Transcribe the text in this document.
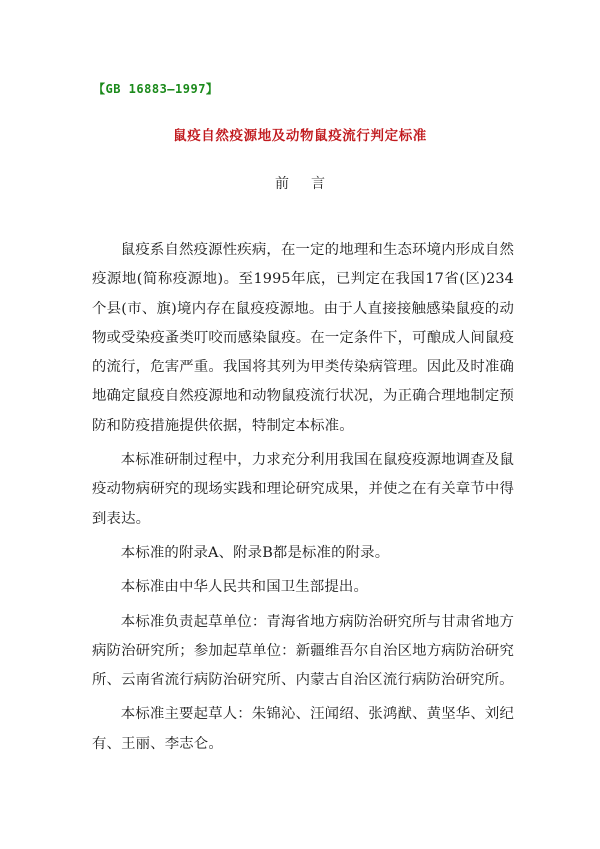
【GB 16883—1997】
鼠疫自然疫源地及动物鼠疫流行判定标准
前言

鼠疫系自然疫源性疾病，在一定的地理和生态环境内形成自然疫源地(简称疫源地)。至1995年底，已判定在我国17省(区)234个县(市、旗)境内存在鼠疫疫源地。由于人直接接触感染鼠疫的动物或受染疫蚤类叮咬而感染鼠疫。在一定条件下，可酿成人间鼠疫的流行，危害严重。我国将其列为甲类传染病管理。因此及时准确地确定鼠疫自然疫源地和动物鼠疫流行状况，为正确合理地制定预防和防疫措施提供依据，特制定本标准。

本标准研制过程中，力求充分利用我国在鼠疫疫源地调查及鼠疫动物病研究的现场实践和理论研究成果，并使之在有关章节中得到表达。

本标准的附录A、附录B都是标准的附录。

本标准由中华人民共和国卫生部提出。

本标准负责起草单位：青海省地方病防治研究所与甘肃省地方病防治研究所；参加起草单位：新疆维吾尔自治区地方病防治研究所、云南省流行病防治研究所、内蒙古自治区流行病防治研究所。

本标准主要起草人：朱锦沁、汪闻绍、张鸿猷、黄坚华、刘纪有、王丽、李志仑。
